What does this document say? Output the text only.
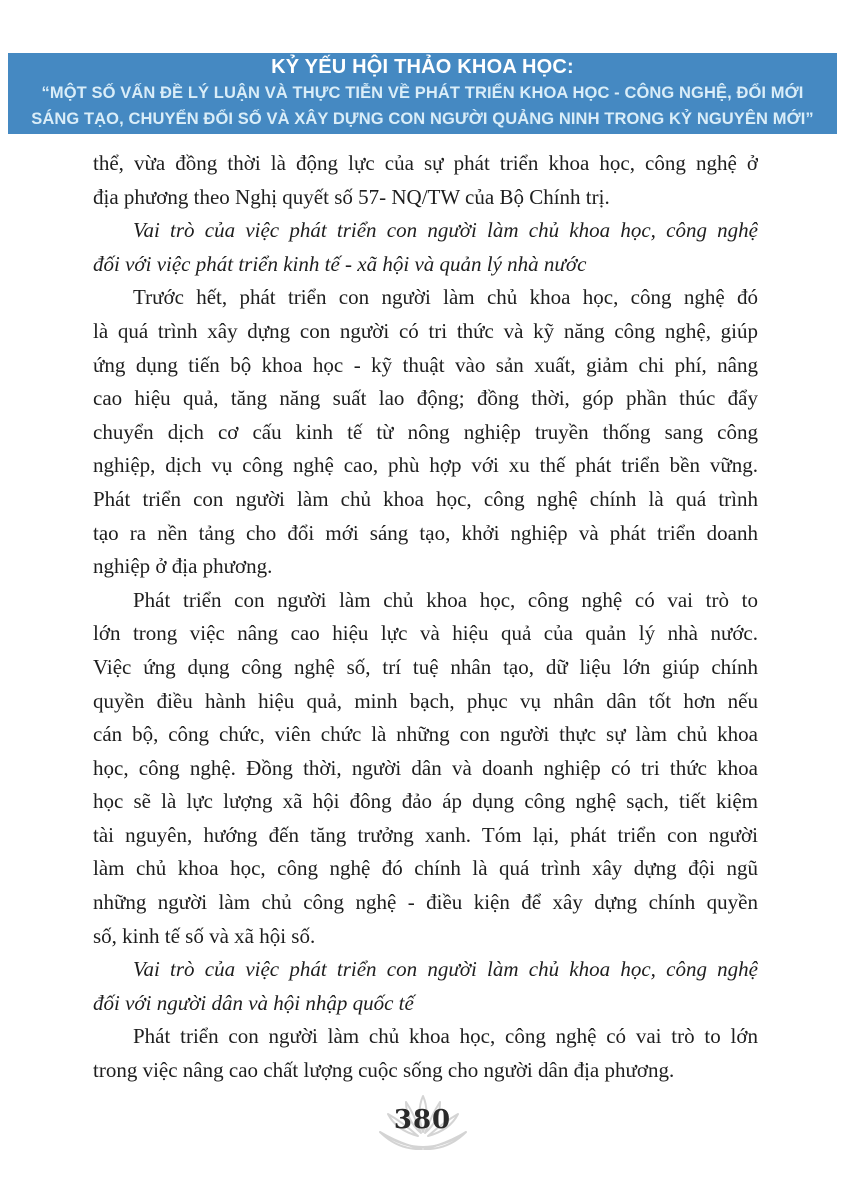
KỶ YẾU HỘI THẢO KHOA HỌC:
“MỘT SỐ VẤN ĐỀ LÝ LUẬN VÀ THỰC TIỄN VỀ PHÁT TRIỂN KHOA HỌC - CÔNG NGHỆ, ĐỔI MỚI
SÁNG TẠO, CHUYỂN ĐỔI SỐ VÀ XÂY DỰNG CON NGƯỜI QUẢNG NINH TRONG KỶ NGUYÊN MỚI”
thể, vừa đồng thời là động lực của sự phát triển khoa học, công nghệ ở
địa phương theo Nghị quyết số 57- NQ/TW của Bộ Chính trị.
Vai trò của việc phát triển con người làm chủ khoa học, công nghệ
đối với việc phát triển kinh tế - xã hội và quản lý nhà nước
Trước hết, phát triển con người làm chủ khoa học, công nghệ đó
là quá trình xây dựng con người có tri thức và kỹ năng công nghệ, giúp
ứng dụng tiến bộ khoa học - kỹ thuật vào sản xuất, giảm chi phí, nâng
cao hiệu quả, tăng năng suất lao động; đồng thời, góp phần thúc đẩy
chuyển dịch cơ cấu kinh tế từ nông nghiệp truyền thống sang công
nghiệp, dịch vụ công nghệ cao, phù hợp với xu thế phát triển bền vững.
Phát triển con người làm chủ khoa học, công nghệ chính là quá trình
tạo ra nền tảng cho đổi mới sáng tạo, khởi nghiệp và phát triển doanh
nghiệp ở địa phương.
Phát triển con người làm chủ khoa học, công nghệ có vai trò to
lớn trong việc nâng cao hiệu lực và hiệu quả của quản lý nhà nước.
Việc ứng dụng công nghệ số, trí tuệ nhân tạo, dữ liệu lớn giúp chính
quyền điều hành hiệu quả, minh bạch, phục vụ nhân dân tốt hơn nếu
cán bộ, công chức, viên chức là những con người thực sự làm chủ khoa
học, công nghệ. Đồng thời, người dân và doanh nghiệp có tri thức khoa
học sẽ là lực lượng xã hội đông đảo áp dụng công nghệ sạch, tiết kiệm
tài nguyên, hướng đến tăng trưởng xanh. Tóm lại, phát triển con người
làm chủ khoa học, công nghệ đó chính là quá trình xây dựng đội ngũ
những người làm chủ công nghệ - điều kiện để xây dựng chính quyền
số, kinh tế số và xã hội số.
Vai trò của việc phát triển con người làm chủ khoa học, công nghệ
đối với người dân và hội nhập quốc tế
Phát triển con người làm chủ khoa học, công nghệ có vai trò to lớn
trong việc nâng cao chất lượng cuộc sống cho người dân địa phương.
380
